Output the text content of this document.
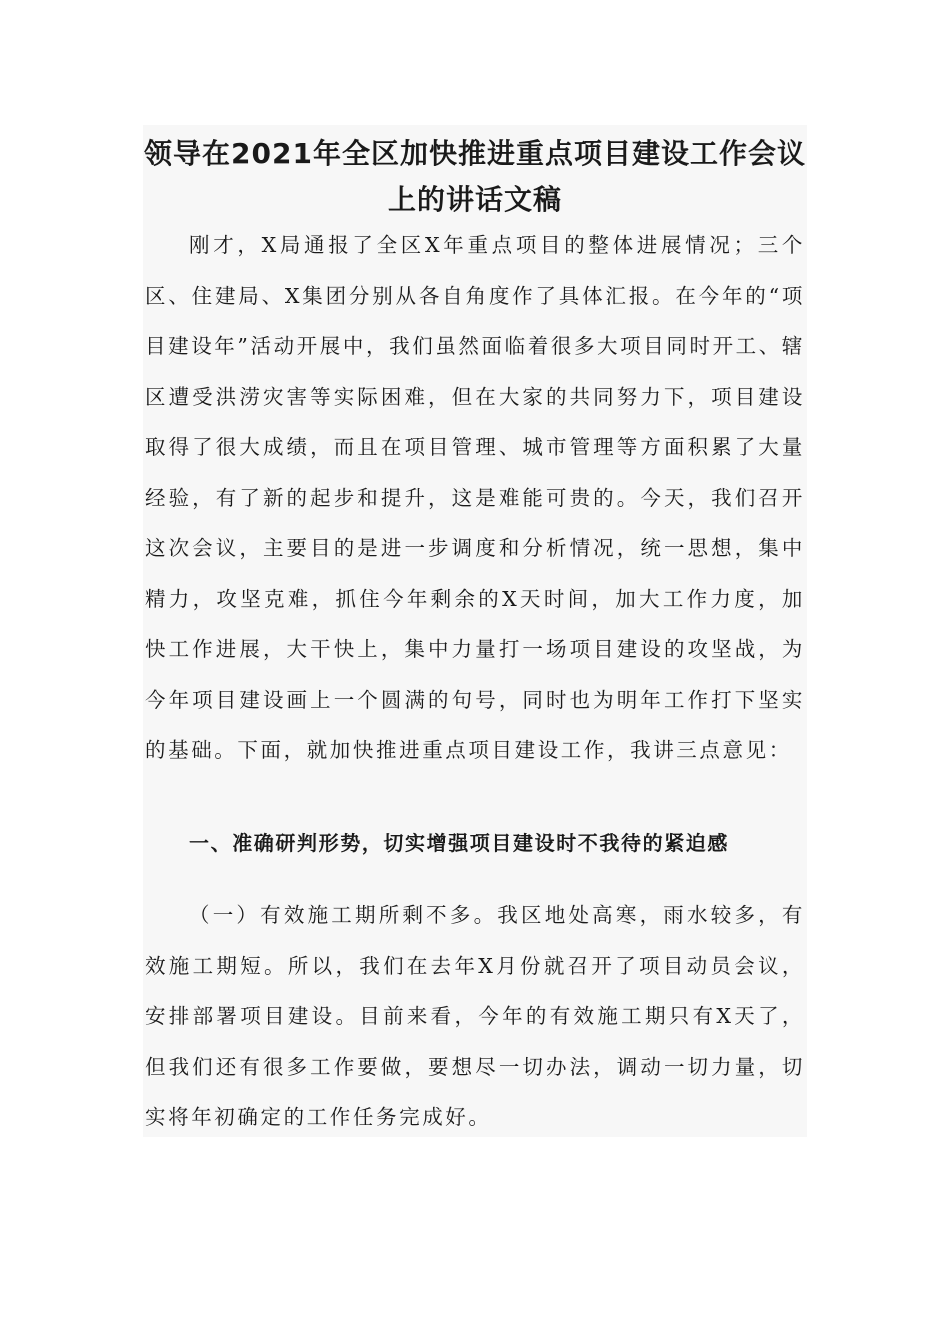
领导在2021年全区加快推进重点项目建设工作会议
上的讲话文稿

刚才，X局通报了全区X年重点项目的整体进展情况；三个区、住建局、X集团分别从各自角度作了具体汇报。在今年的“项目建设年”活动开展中，我们虽然面临着很多大项目同时开工、辖区遭受洪涝灾害等实际困难，但在大家的共同努力下，项目建设取得了很大成绩，而且在项目管理、城市管理等方面积累了大量经验，有了新的起步和提升，这是难能可贵的。今天，我们召开这次会议，主要目的是进一步调度和分析情况，统一思想，集中精力，攻坚克难，抓住今年剩余的X天时间，加大工作力度，加快工作进展，大干快上，集中力量打一场项目建设的攻坚战，为今年项目建设画上一个圆满的句号，同时也为明年工作打下坚实的基础。下面，就加快推进重点项目建设工作，我讲三点意见：

一、准确研判形势，切实增强项目建设时不我待的紧迫感

（一）有效施工期所剩不多。我区地处高寒，雨水较多，有效施工期短。所以，我们在去年X月份就召开了项目动员会议，安排部署项目建设。目前来看，今年的有效施工期只有X天了，但我们还有很多工作要做，要想尽一切办法，调动一切力量，切实将年初确定的工作任务完成好。
